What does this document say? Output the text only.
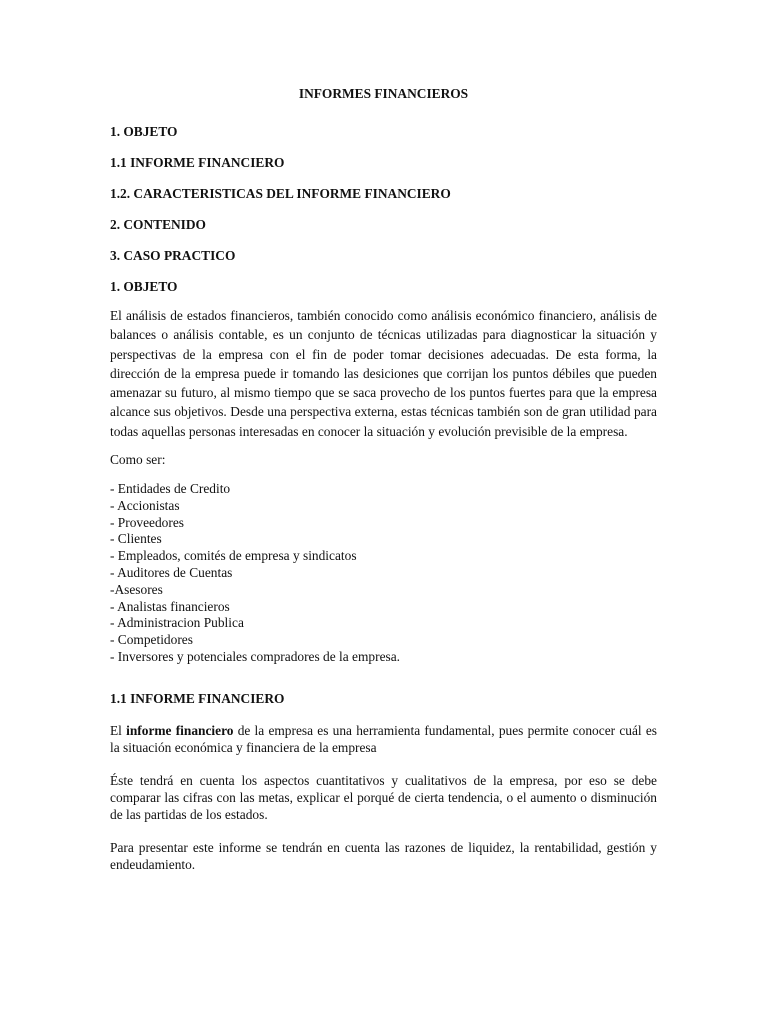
INFORMES FINANCIEROS
1. OBJETO
1.1 INFORME FINANCIERO
1.2. CARACTERISTICAS DEL INFORME FINANCIERO
2. CONTENIDO
3. CASO PRACTICO
1. OBJETO

El análisis de estados financieros, también conocido como análisis económico financiero, análisis de balances o análisis contable, es un conjunto de técnicas utilizadas para diagnosticar la situación y perspectivas de la empresa con el fin de poder tomar decisiones adecuadas. De esta forma, la dirección de la empresa puede ir tomando las desiciones que corrijan los puntos débiles que pueden amenazar su futuro, al mismo tiempo que se saca provecho de los puntos fuertes para que la empresa alcance sus objetivos. Desde una perspectiva externa, estas técnicas también son de gran utilidad para todas aquellas personas interesadas en conocer la situación y evolución previsible de la empresa.

Como ser:
- Entidades de Credito
- Accionistas
- Proveedores
- Clientes
- Empleados, comités de empresa y sindicatos
- Auditores de Cuentas
-Asesores
- Analistas financieros
- Administracion Publica
- Competidores
- Inversores y potenciales compradores de la empresa.
1.1 INFORME FINANCIERO

El informe financiero de la empresa es una herramienta fundamental, pues permite conocer cuál es la situación económica y financiera de la empresa

Éste tendrá en cuenta los aspectos cuantitativos y cualitativos de la empresa, por eso se debe comparar las cifras con las metas, explicar el porqué de cierta tendencia, o el aumento o disminución de las partidas de los estados.

Para presentar este informe se tendrán en cuenta las razones de liquidez, la rentabilidad, gestión y endeudamiento.
